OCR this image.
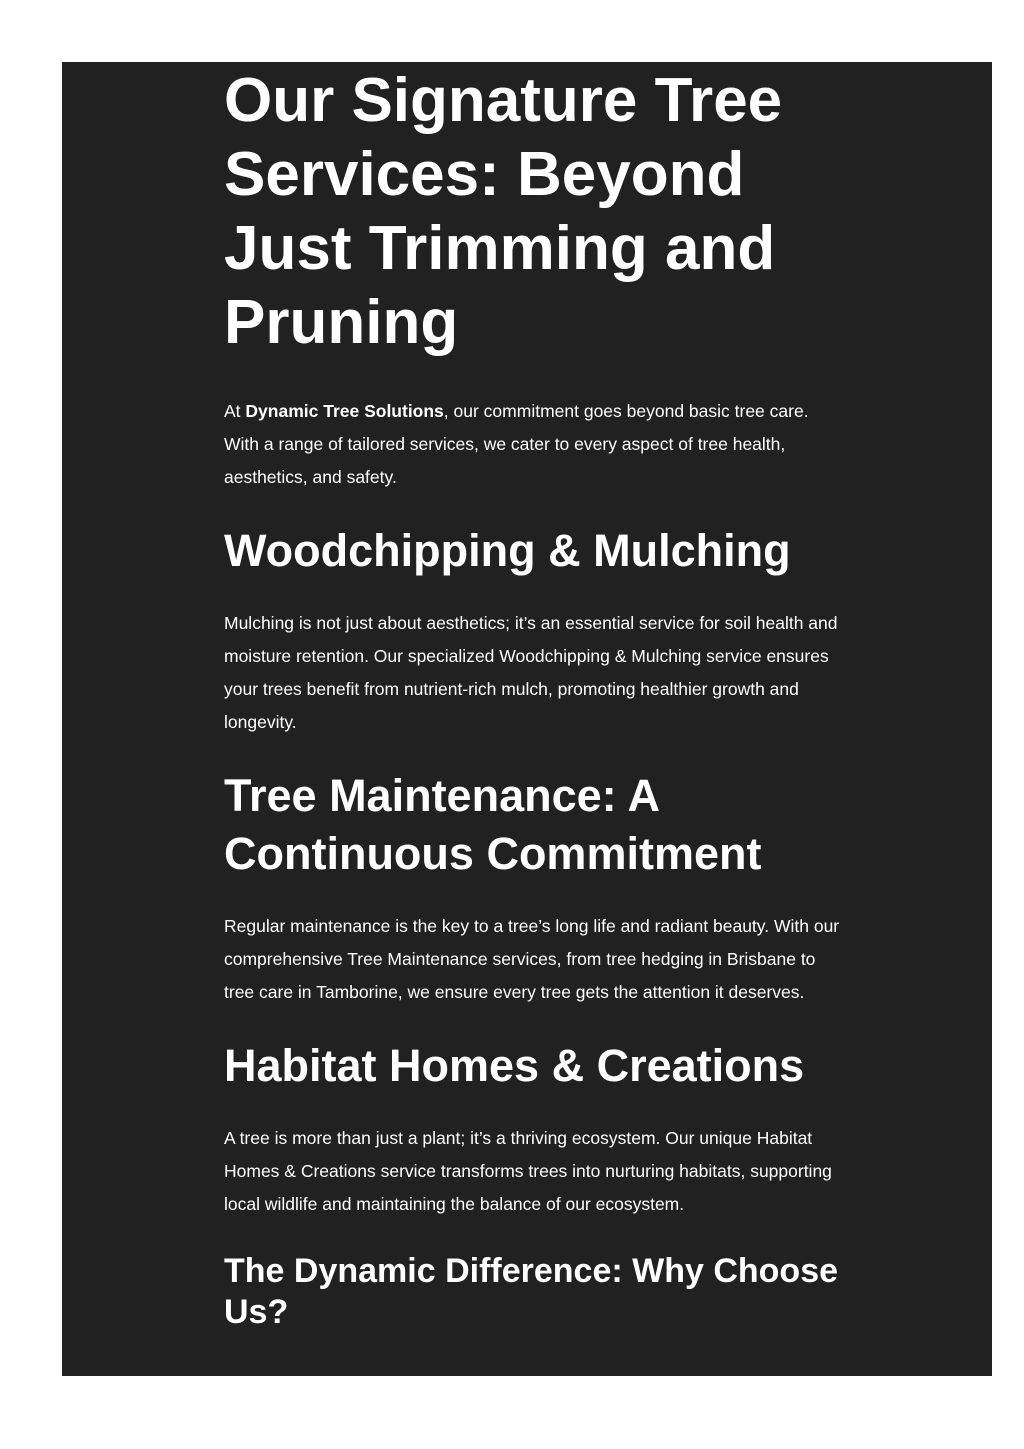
Our Signature Tree Services: Beyond Just Trimming and Pruning

At Dynamic Tree Solutions, our commitment goes beyond basic tree care. With a range of tailored services, we cater to every aspect of tree health, aesthetics, and safety.

Woodchipping & Mulching

Mulching is not just about aesthetics; it’s an essential service for soil health and moisture retention. Our specialized Woodchipping & Mulching service ensures your trees benefit from nutrient-rich mulch, promoting healthier growth and longevity.

Tree Maintenance: A Continuous Commitment

Regular maintenance is the key to a tree’s long life and radiant beauty. With our comprehensive Tree Maintenance services, from tree hedging in Brisbane to tree care in Tamborine, we ensure every tree gets the attention it deserves.

Habitat Homes & Creations

A tree is more than just a plant; it’s a thriving ecosystem. Our unique Habitat Homes & Creations service transforms trees into nurturing habitats, supporting local wildlife and maintaining the balance of our ecosystem.

The Dynamic Difference: Why Choose Us?
